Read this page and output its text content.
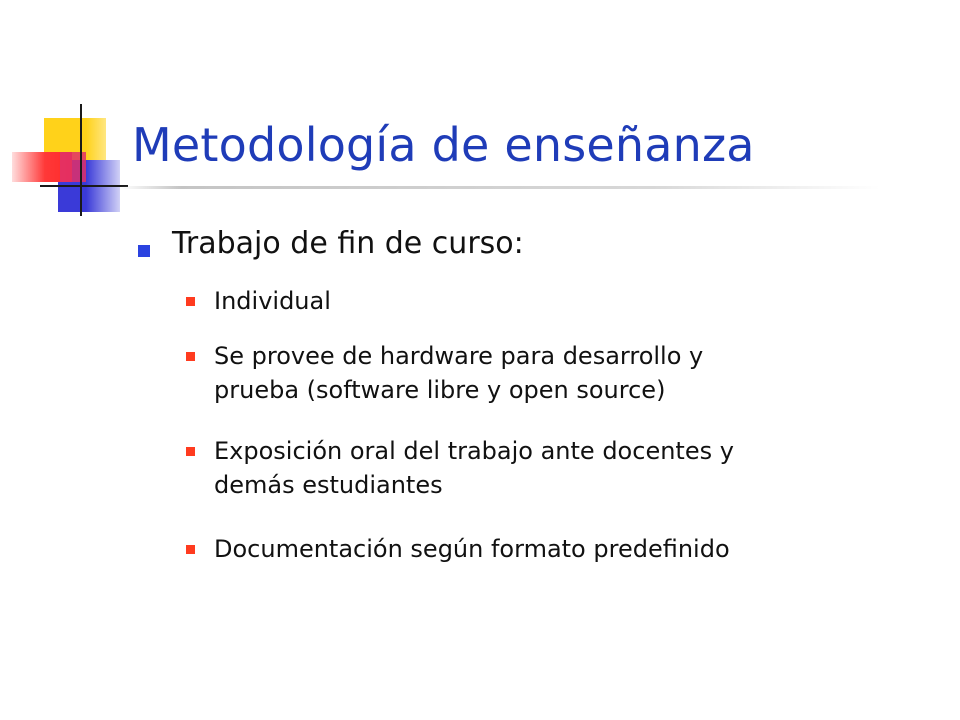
Metodología de enseñanza
Trabajo de fin de curso:
Individual
Se provee de hardware para desarrollo y
prueba (software libre y open source)
Exposición oral del trabajo ante docentes y
demás estudiantes
Documentación según formato predefinido
